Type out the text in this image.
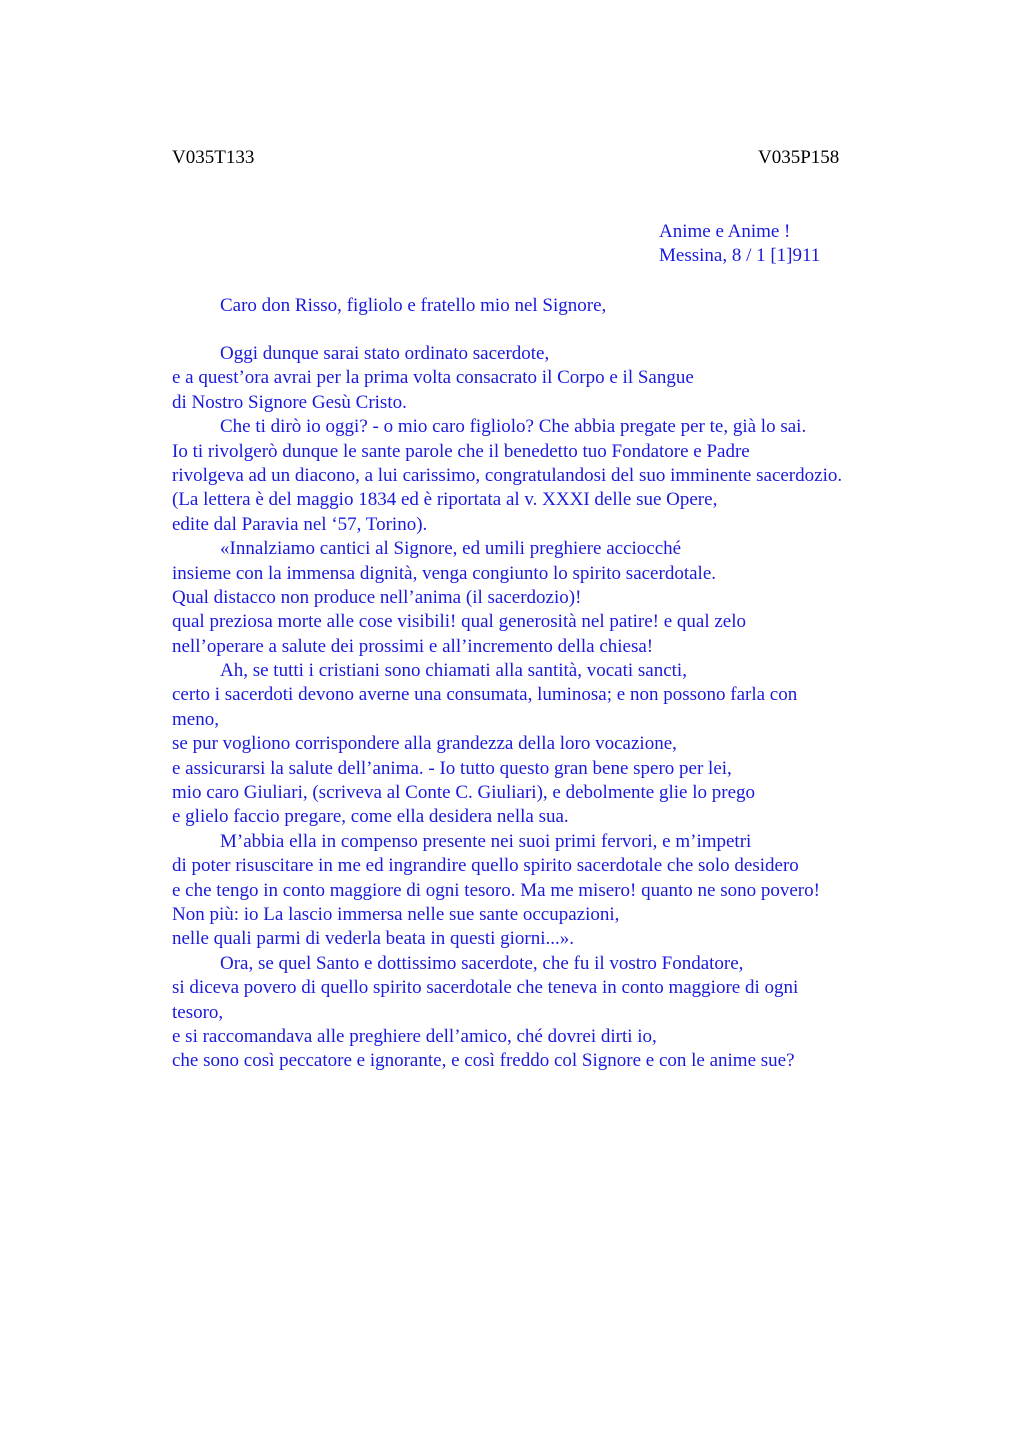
V035T133	V035P158
Anime e Anime !
Messina, 8 / 1 [1]911
Caro don Risso, figliolo e fratello mio nel Signore,
Oggi dunque sarai stato ordinato sacerdote,
e a quest’ora avrai per la prima volta consacrato il Corpo e il Sangue
di Nostro Signore Gesù Cristo.
Che ti dirò io oggi? - o mio caro figliolo? Che abbia pregate per te, già lo sai.
Io ti rivolgerò dunque le sante parole che il benedetto tuo Fondatore e Padre
rivolgeva ad un diacono, a lui carissimo, congratulandosi del suo imminente sacerdozio.
(La lettera è del maggio 1834 ed è riportata al v. XXXI delle sue Opere,
edite dal Paravia nel ‘57, Torino).
«Innalziamo cantici al Signore, ed umili preghiere acciocché
insieme con la immensa dignità, venga congiunto lo spirito sacerdotale.
Qual distacco non produce nell’anima (il sacerdozio)!
qual preziosa morte alle cose visibili! qual generosità nel patire! e qual zelo
nell’operare a salute dei prossimi e all’incremento della chiesa!
Ah, se tutti i cristiani sono chiamati alla santità, vocati sancti,
certo i sacerdoti devono averne una consumata, luminosa; e non possono farla con
meno,
se pur vogliono corrispondere alla grandezza della loro vocazione,
e assicurarsi la salute dell’anima. - Io tutto questo gran bene spero per lei,
mio caro Giuliari, (scriveva al Conte C. Giuliari), e debolmente glie lo prego
e glielo faccio pregare, come ella desidera nella sua.
M’abbia ella in compenso presente nei suoi primi fervori, e m’impetri
di poter risuscitare in me ed ingrandire quello spirito sacerdotale che solo desidero
e che tengo in conto maggiore di ogni tesoro. Ma me misero! quanto ne sono povero!
Non più: io La lascio immersa nelle sue sante occupazioni,
nelle quali parmi di vederla beata in questi giorni...».
Ora, se quel Santo e dottissimo sacerdote, che fu il vostro Fondatore,
si diceva povero di quello spirito sacerdotale che teneva in conto maggiore di ogni
tesoro,
e si raccomandava alle preghiere dell’amico, ché dovrei dirti io,
che sono così peccatore e ignorante, e così freddo col Signore e con le anime sue?
